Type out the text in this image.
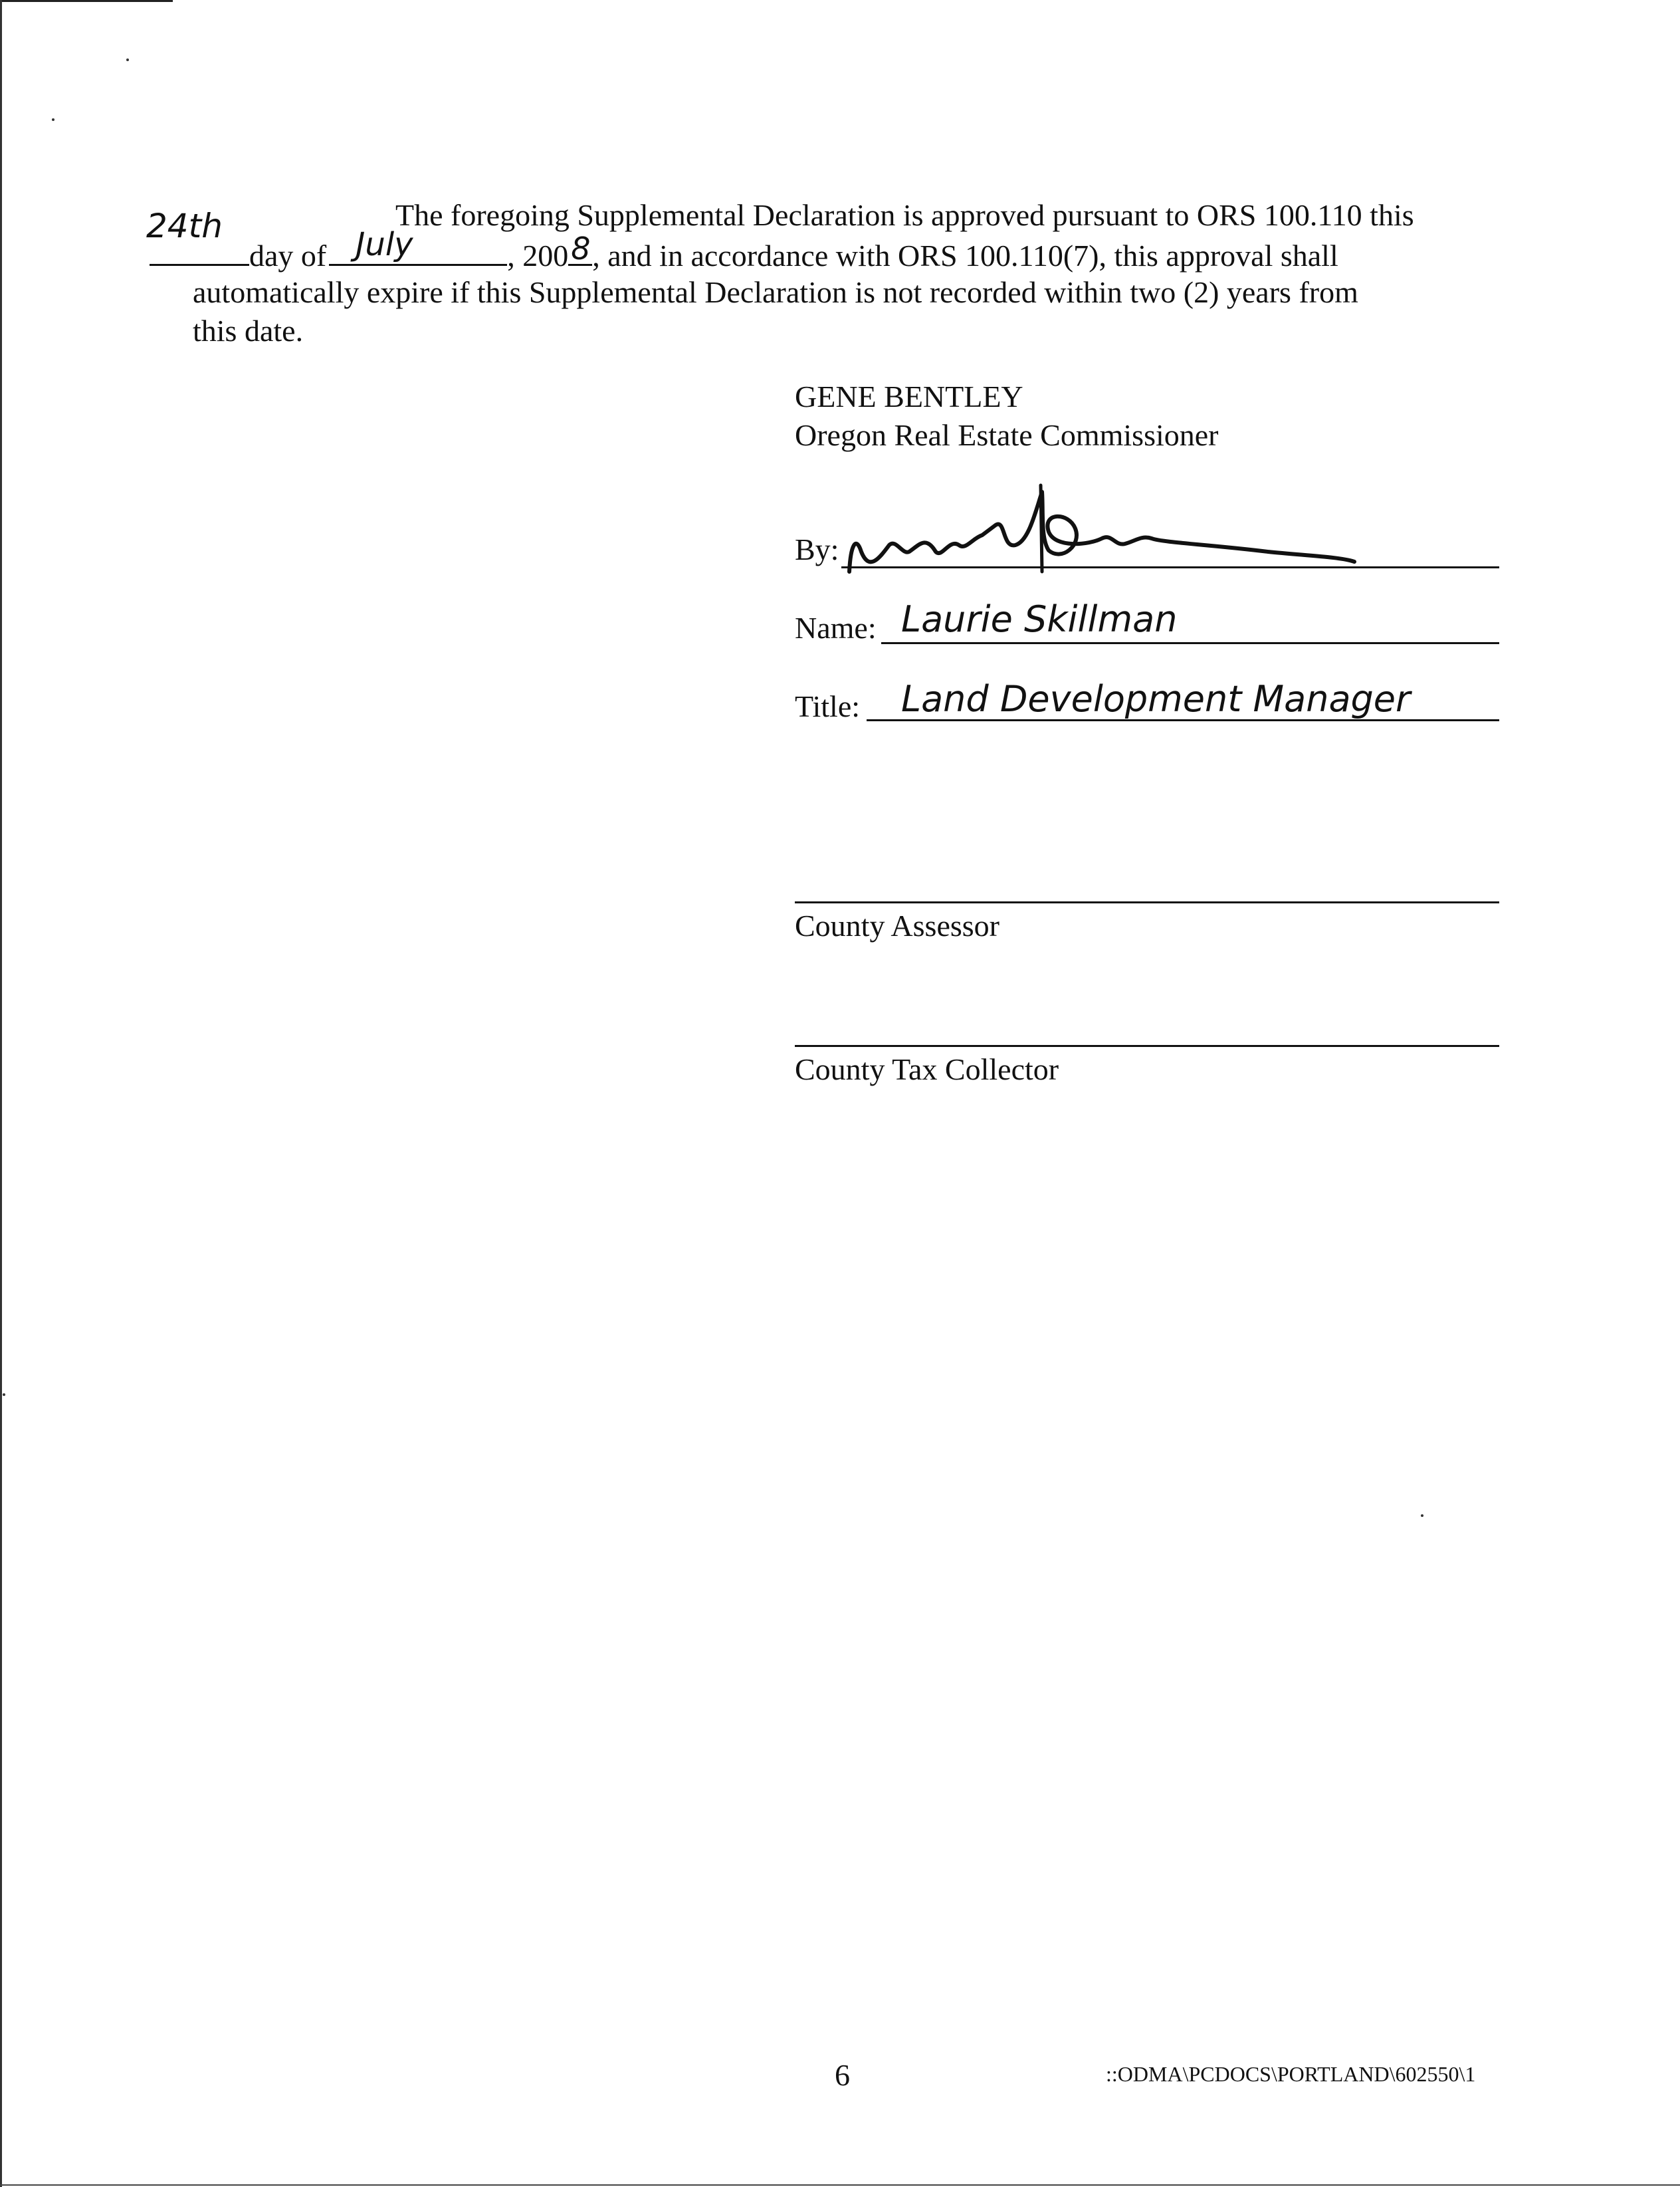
The foregoing Supplemental Declaration is approved pursuant to ORS 100.110 this
24th
day of July	, 200 8 , and in accordance with ORS 100.110(7), this approval shall
automatically expire if this Supplemental Declaration is not recorded within two (2) years from
this date.
GENE BENTLEY
Oregon Real Estate Commissioner
By:
Name: Laurie Skillman
Title: Land Development Manager
County Assessor
County Tax Collector
6	::ODMA\PCDOCS\PORTLAND\602550\1
